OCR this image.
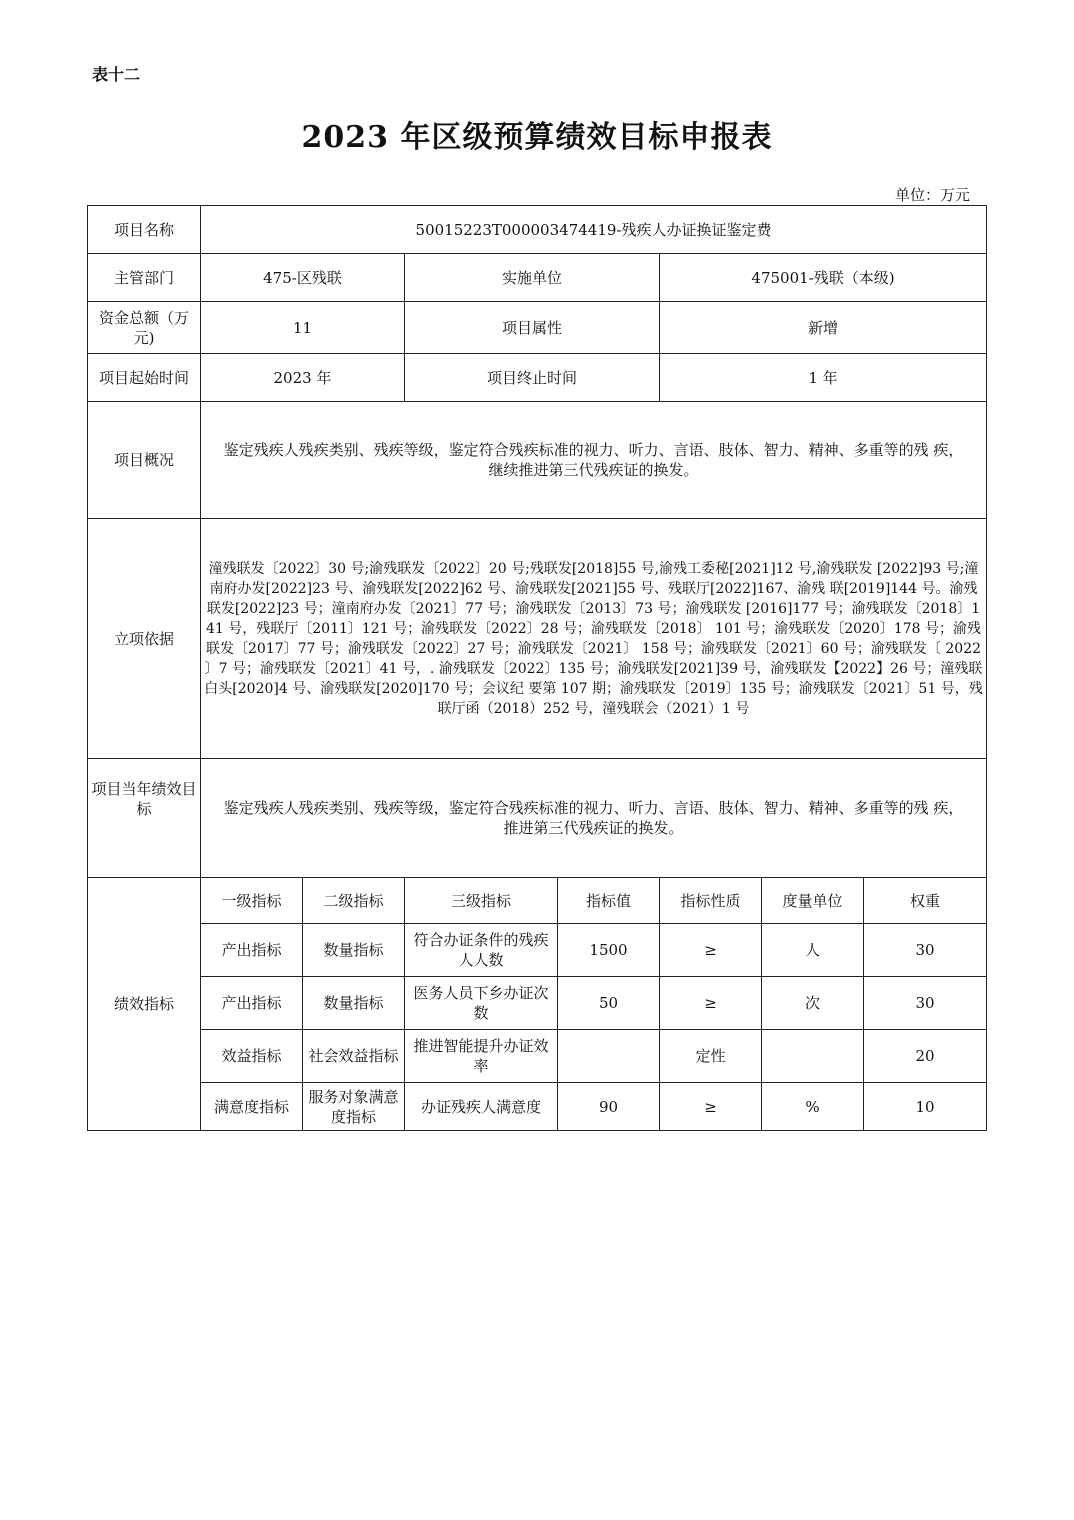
表十二
2023 年区级预算绩效目标申报表
单位：万元
项目名称	50015223T000003474419-残疾人办证换证鉴定费						
主管部门	475-区残联		实施单位		475001-残联（本级)		
资金总额（万元)	11		项目属性		新增		
项目起始时间	2023 年		项目终止时间		1 年		
项目概况	鉴定残疾人残疾类别、残疾等级，鉴定符合残疾标准的视力、听力、言语、肢体、智力、精神、多重等的残 疾，
继续推进第三代残疾证的换发。						

立项依据	潼残联发〔2022〕30 号;渝残联发〔2022〕20 号;残联发[2018]55 号,渝残工委秘[2021]12 号,渝残联发 [2022]93 号;潼南府办发[2022]23 号、渝残联发[2022]62 号、渝残联发[2021]55 号、残联厅[2022]167、渝残 联[2019]144 号。渝残联发[2022]23 号；潼南府办发〔2021〕77 号；渝残联发〔2013〕73 号；渝残联发 [2016]177 号；渝残联发〔2018〕141 号，残联厅〔2011〕121 号；渝残联发〔2022〕28 号；渝残联发〔2018〕 101 号；渝残联发〔2020〕178 号；渝残联发〔2017〕77 号；渝残联发〔2022〕27 号；渝残联发〔2021〕 158 号；渝残联发〔2021〕60 号；渝残联发〔 2022 〕7 号；渝残联发〔2021〕41 号，. 渝残联发〔2022〕135 号；渝残联发[2021]39 号，渝残联发【2022】26 号；潼残联白头[2020]4 号、渝残联发[2020]170 号；会议纪 要第 107 期；渝残联发〔2019〕135 号；渝残联发〔2021〕51 号，残联厅函（2018）252 号，潼残联会（2021）1 号						
项目当年绩效目标	鉴定残疾人残疾类别、残疾等级，鉴定符合残疾标准的视力、听力、言语、肢体、智力、精神、多重等的残 疾，
推进第三代残疾证的换发。						

绩效指标	一级指标	二级指标	三级指标	指标值	指标性质	度量单位	权重
	产出指标	数量指标	符合办证条件的残疾人人数	1500	≥	人	30
	产出指标	数量指标	医务人员下乡办证次数	50	≥	次	30
	效益指标	社会效益指标	推进智能提升办证效率		定性		20
	满意度指标	服务对象满意度指标	办证残疾人满意度	90	≥	%	10
